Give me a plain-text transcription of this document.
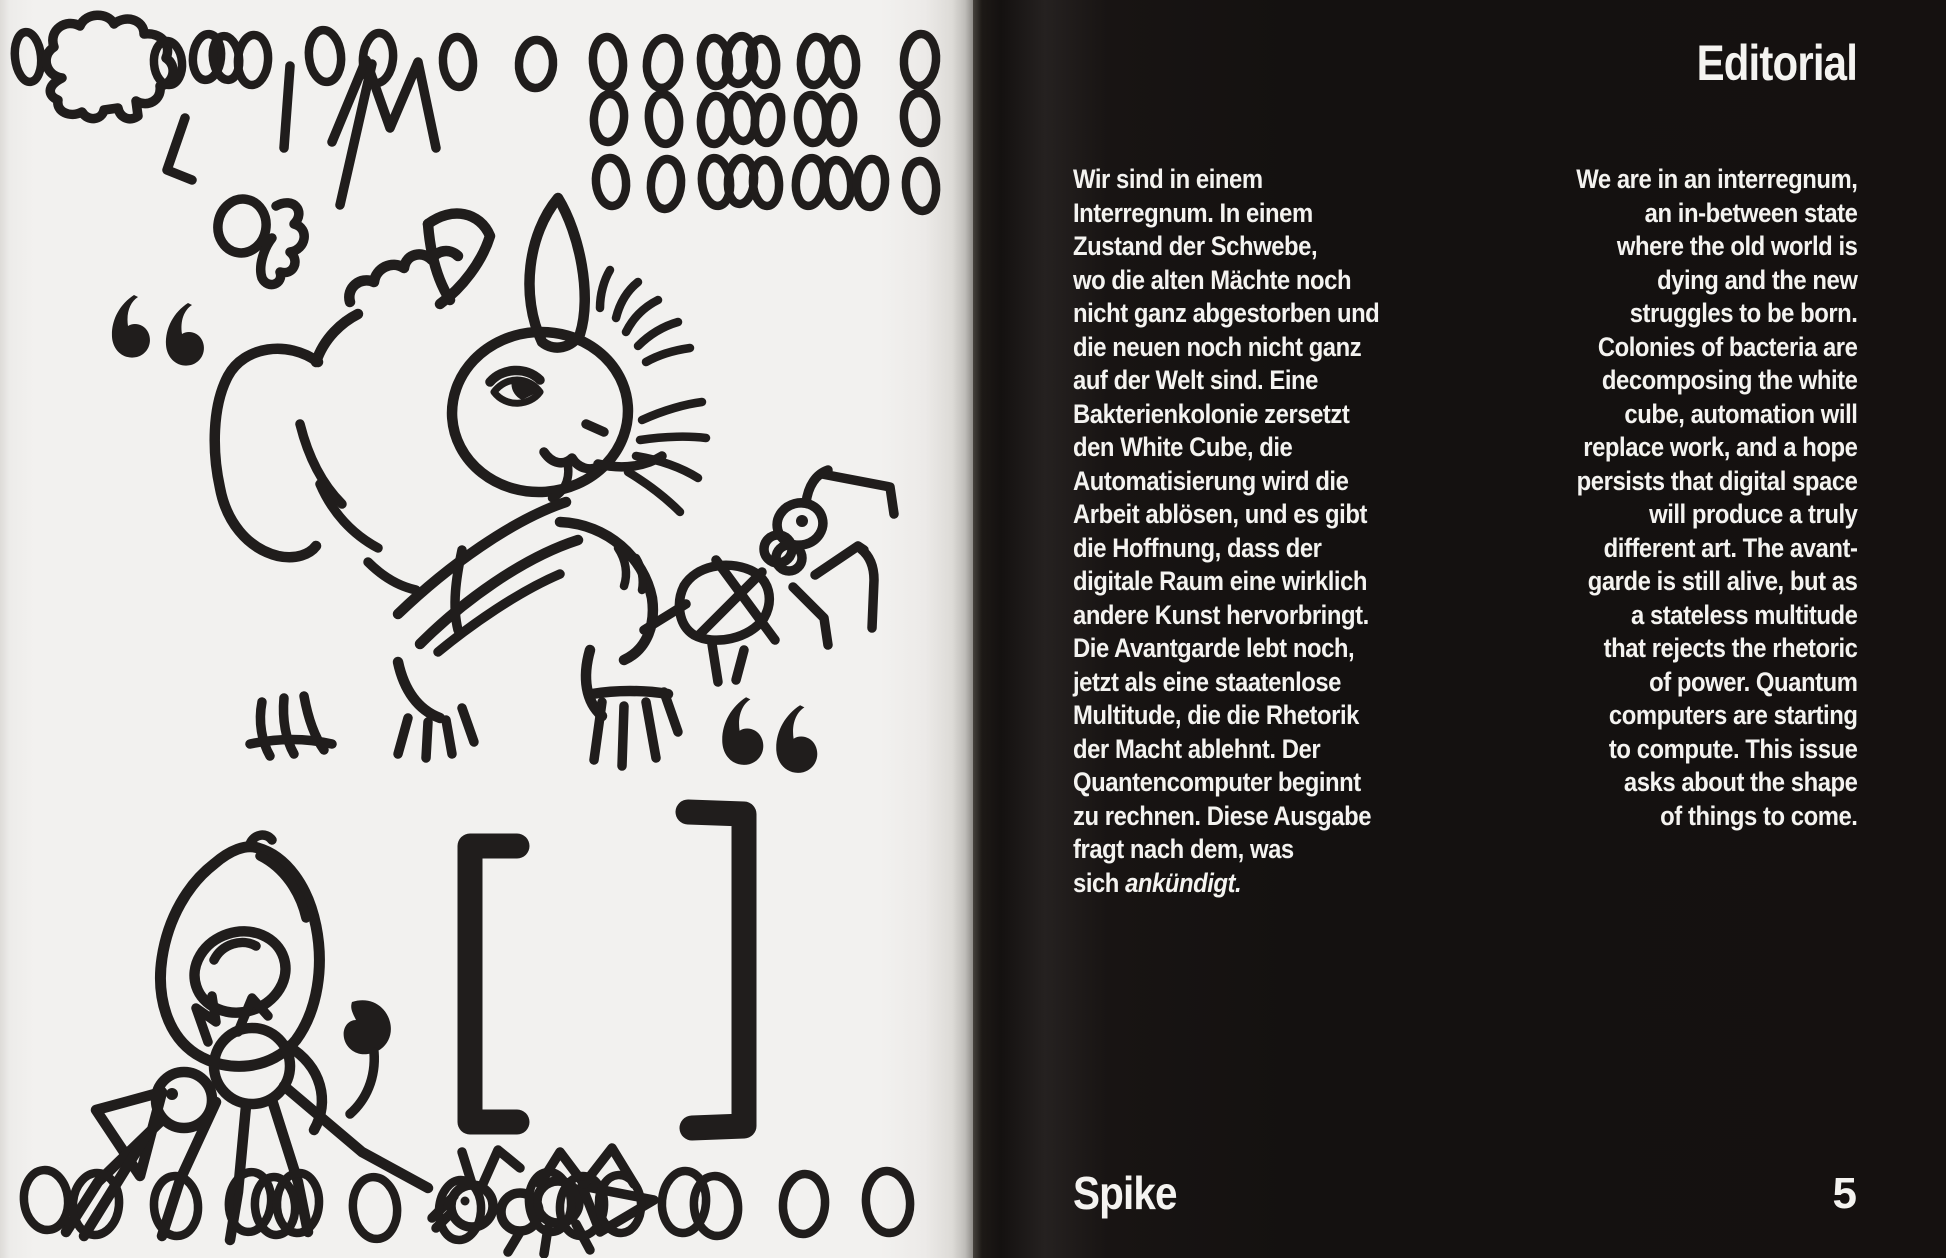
Editorial
Wir sind in einem
Interregnum. In einem
Zustand der Schwebe,
wo die alten Mächte noch
nicht ganz abgestorben und
die neuen noch nicht ganz
auf der Welt sind. Eine
Bakterienkolonie zersetzt
den White Cube, die
Automatisierung wird die
Arbeit ablösen, und es gibt
die Hoffnung, dass der
digitale Raum eine wirklich
andere Kunst hervorbringt.
Die Avantgarde lebt noch,
jetzt als eine staatenlose
Multitude, die die Rhetorik
der Macht ablehnt. Der
Quantencomputer beginnt
zu rechnen. Diese Ausgabe
fragt nach dem, was
sich ankündigt.
We are in an interregnum,
an in-between state
where the old world is
dying and the new
struggles to be born.
Colonies of bacteria are
decomposing the white
cube, automation will
replace work, and a hope
persists that digital space
will produce a truly
different art. The avant-
garde is still alive, but as
a stateless multitude
that rejects the rhetoric
of power. Quantum
computers are starting
to compute. This issue
asks about the shape
of things to come.
Spike	5
